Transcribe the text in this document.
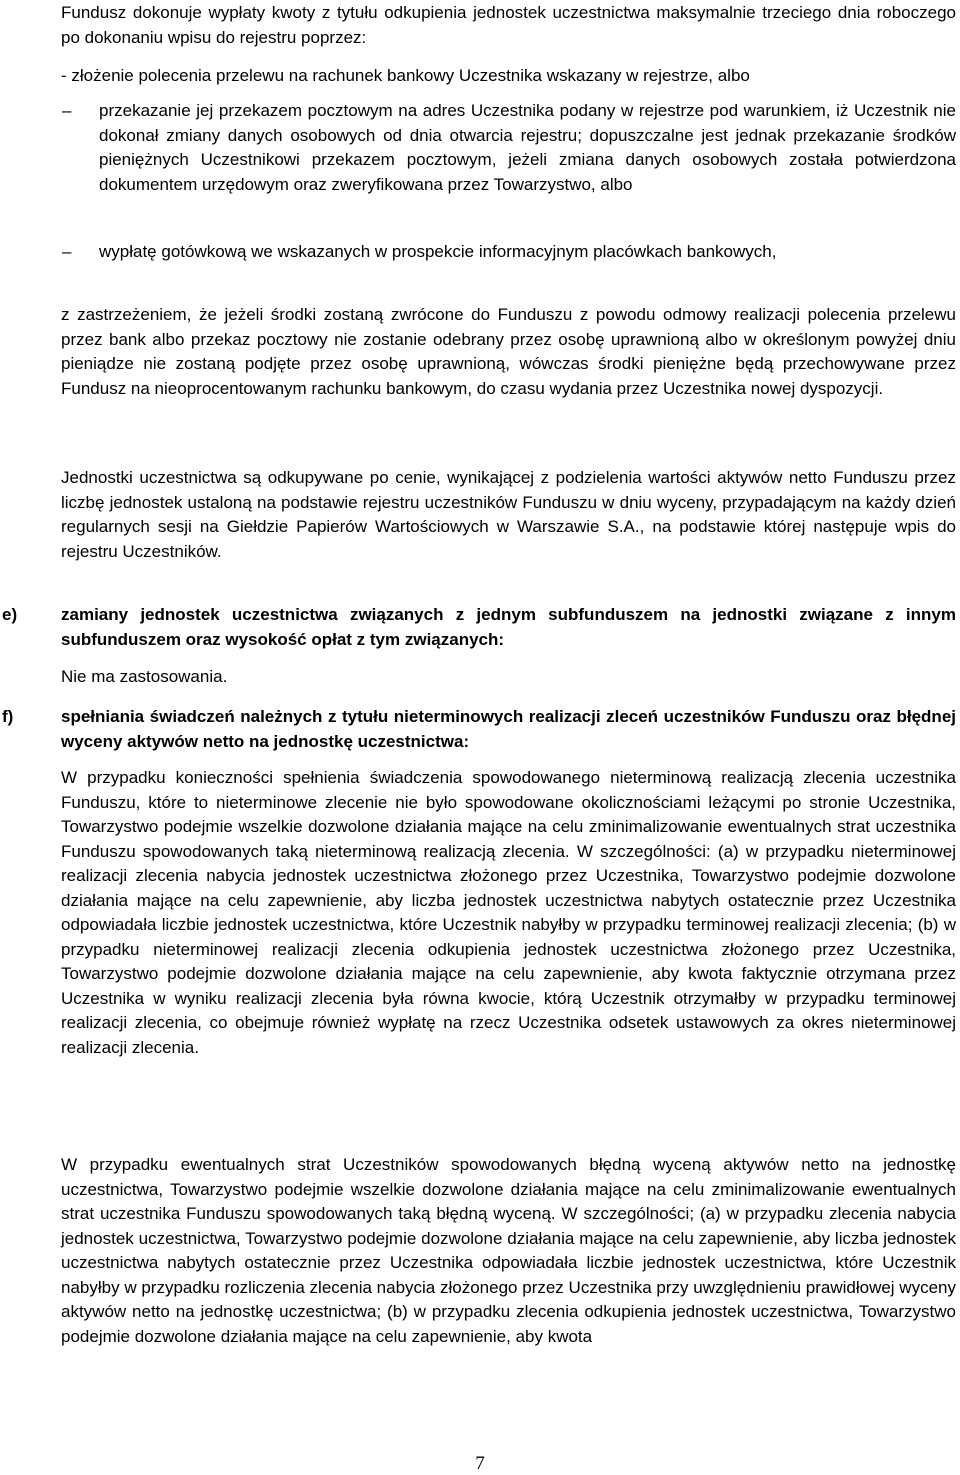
Fundusz dokonuje wypłaty kwoty z tytułu odkupienia jednostek uczestnictwa maksymalnie trzeciego dnia roboczego po dokonaniu wpisu do rejestru poprzez:

- złożenie polecenia przelewu na rachunek bankowy Uczestnika wskazany w rejestrze, albo

–	przekazanie jej przekazem pocztowym na adres Uczestnika podany w rejestrze pod warunkiem, iż Uczestnik nie dokonał zmiany danych osobowych od dnia otwarcia rejestru; dopuszczalne jest jednak przekazanie środków pieniężnych Uczestnikowi przekazem pocztowym, jeżeli zmiana danych osobowych została potwierdzona dokumentem urzędowym oraz zweryfikowana przez Towarzystwo, albo
–	wypłatę gotówkową we wskazanych w prospekcie informacyjnym placówkach bankowych,

z zastrzeżeniem, że jeżeli środki zostaną zwrócone do Funduszu z powodu odmowy realizacji polecenia przelewu przez bank albo przekaz pocztowy nie zostanie odebrany przez osobę uprawnioną albo w określonym powyżej dniu pieniądze nie zostaną podjęte przez osobę uprawnioną, wówczas środki pieniężne będą przechowywane przez Fundusz na nieoprocentowanym rachunku bankowym, do czasu wydania przez Uczestnika nowej dyspozycji.

Jednostki uczestnictwa są odkupywane po cenie, wynikającej z podzielenia wartości aktywów netto Funduszu przez liczbę jednostek ustaloną na podstawie rejestru uczestników Funduszu w dniu wyceny, przypadającym na każdy dzień regularnych sesji na Giełdzie Papierów Wartościowych w Warszawie S.A., na podstawie której następuje wpis do rejestru Uczestników.

e)	zamiany jednostek uczestnictwa związanych z jednym subfunduszem na jednostki związane z innym subfunduszem oraz wysokość opłat z tym związanych:

Nie ma zastosowania.

f)	spełniania świadczeń należnych z tytułu nieterminowych realizacji zleceń uczestników Funduszu oraz błędnej wyceny aktywów netto na jednostkę uczestnictwa:

W przypadku konieczności spełnienia świadczenia spowodowanego nieterminową realizacją zlecenia uczestnika Funduszu, które to nieterminowe zlecenie nie było spowodowane okolicznościami leżącymi po stronie Uczestnika, Towarzystwo podejmie wszelkie dozwolone działania mające na celu zminimalizowanie ewentualnych strat uczestnika Funduszu spowodowanych taką nieterminową realizacją zlecenia. W szczególności: (a) w przypadku nieterminowej realizacji zlecenia nabycia jednostek uczestnictwa złożonego przez Uczestnika, Towarzystwo podejmie dozwolone działania mające na celu zapewnienie, aby liczba jednostek uczestnictwa nabytych ostatecznie przez Uczestnika odpowiadała liczbie jednostek uczestnictwa, które Uczestnik nabyłby w przypadku terminowej realizacji zlecenia; (b) w przypadku nieterminowej realizacji zlecenia odkupienia jednostek uczestnictwa złożonego przez Uczestnika, Towarzystwo podejmie dozwolone działania mające na celu zapewnienie, aby kwota faktycznie otrzymana przez Uczestnika w wyniku realizacji zlecenia była równa kwocie, którą Uczestnik otrzymałby w przypadku terminowej realizacji zlecenia, co obejmuje również wypłatę na rzecz Uczestnika odsetek ustawowych za okres nieterminowej realizacji zlecenia.

W przypadku ewentualnych strat Uczestników spowodowanych błędną wyceną aktywów netto na jednostkę uczestnictwa, Towarzystwo podejmie wszelkie dozwolone działania mające na celu zminimalizowanie ewentualnych strat uczestnika Funduszu spowodowanych taką błędną wyceną. W szczególności; (a) w przypadku zlecenia nabycia jednostek uczestnictwa, Towarzystwo podejmie dozwolone działania mające na celu zapewnienie, aby liczba jednostek uczestnictwa nabytych ostatecznie przez Uczestnika odpowiadała liczbie jednostek uczestnictwa, które Uczestnik nabyłby w przypadku rozliczenia zlecenia nabycia złożonego przez Uczestnika przy uwzględnieniu prawidłowej wyceny aktywów netto na jednostkę uczestnictwa; (b) w przypadku zlecenia odkupienia jednostek uczestnictwa, Towarzystwo podejmie dozwolone działania mające na celu zapewnienie, aby kwota

7
